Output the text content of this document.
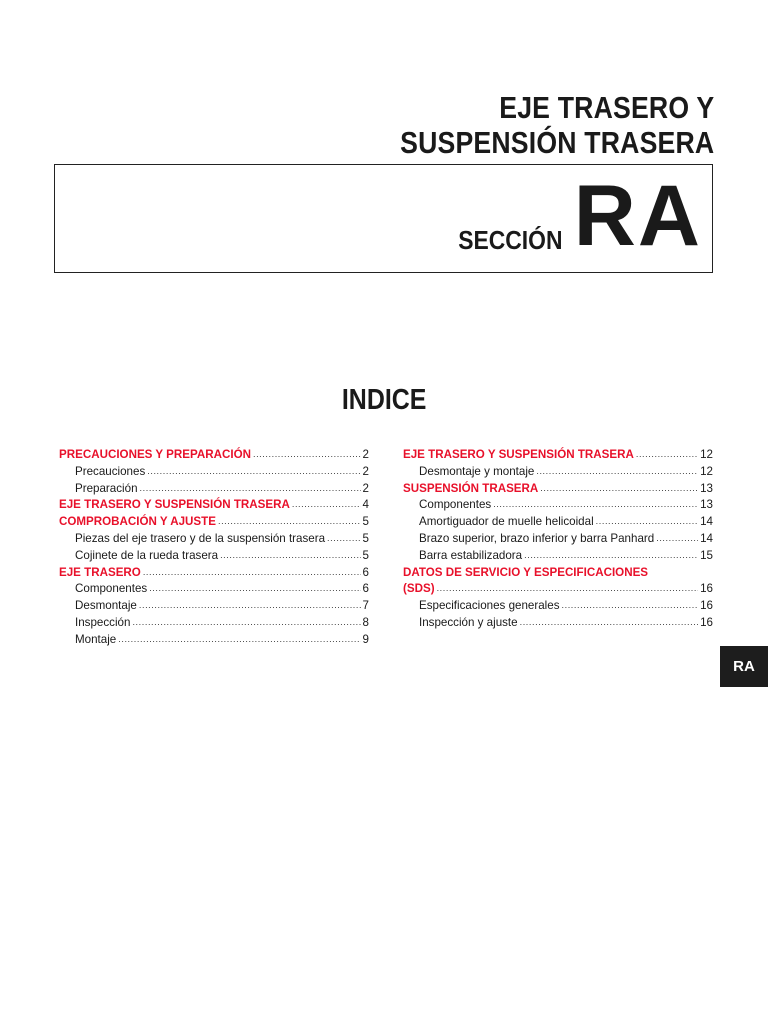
EJE TRASERO Y
SUSPENSIÓN TRASERA
SECCIÓN RA
INDICE
PRECAUCIONES Y PREPARACIÓN .....	2
Precauciones .....	2
Preparación .....	2
EJE TRASERO Y SUSPENSIÓN TRASERA .....	4
COMPROBACIÓN Y AJUSTE .....	5
Piezas del eje trasero y de la suspensión trasera .....	5
Cojinete de la rueda trasera .....	5
EJE TRASERO .....	6
Componentes .....	6
Desmontaje .....	7
Inspección .....	8
Montaje .....	9
EJE TRASERO Y SUSPENSIÓN TRASERA .....	12
Desmontaje y montaje .....	12
SUSPENSIÓN TRASERA .....	13
Componentes .....	13
Amortiguador de muelle helicoidal .....	14
Brazo superior, brazo inferior y barra Panhard .....	14
Barra estabilizadora .....	15
DATOS DE SERVICIO Y ESPECIFICACIONES
(SDS) .....	16
Especificaciones generales .....	16
Inspección y ajuste .....	16
RA
